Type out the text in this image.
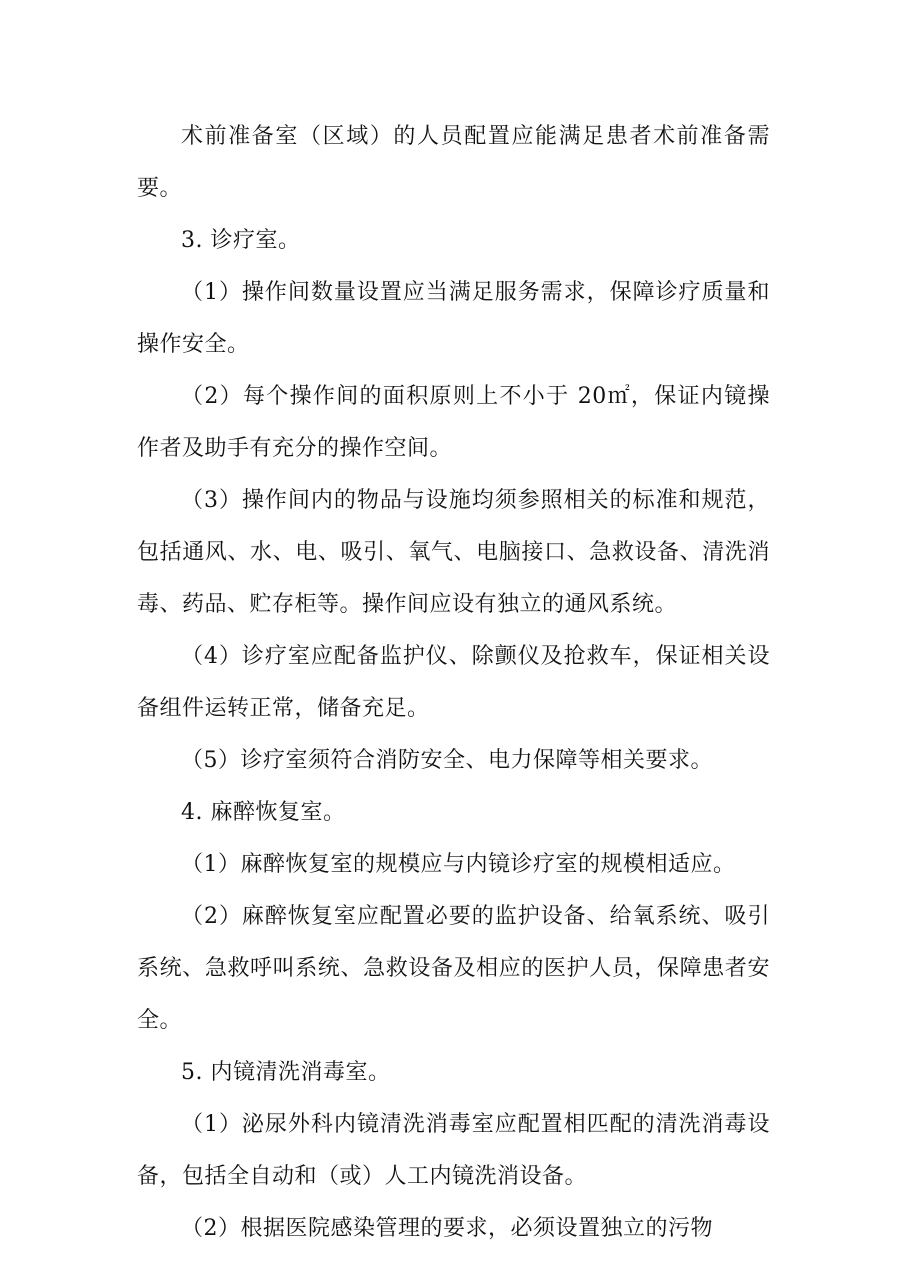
术前准备室（区域）的人员配置应能满足患者术前准备需要。

3. 诊疗室。

（1）操作间数量设置应当满足服务需求，保障诊疗质量和操作安全。

（2）每个操作间的面积原则上不小于 20㎡，保证内镜操作者及助手有充分的操作空间。

（3）操作间内的物品与设施均须参照相关的标准和规范，包括通风、水、电、吸引、氧气、电脑接口、急救设备、清洗消毒、药品、贮存柜等。操作间应设有独立的通风系统。

（4）诊疗室应配备监护仪、除颤仪及抢救车，保证相关设备组件运转正常，储备充足。

（5）诊疗室须符合消防安全、电力保障等相关要求。

4. 麻醉恢复室。

（1）麻醉恢复室的规模应与内镜诊疗室的规模相适应。

（2）麻醉恢复室应配置必要的监护设备、给氧系统、吸引系统、急救呼叫系统、急救设备及相应的医护人员，保障患者安全。

5. 内镜清洗消毒室。

（1）泌尿外科内镜清洗消毒室应配置相匹配的清洗消毒设备，包括全自动和（或）人工内镜洗消设备。

（2）根据医院感染管理的要求，必须设置独立的污物
